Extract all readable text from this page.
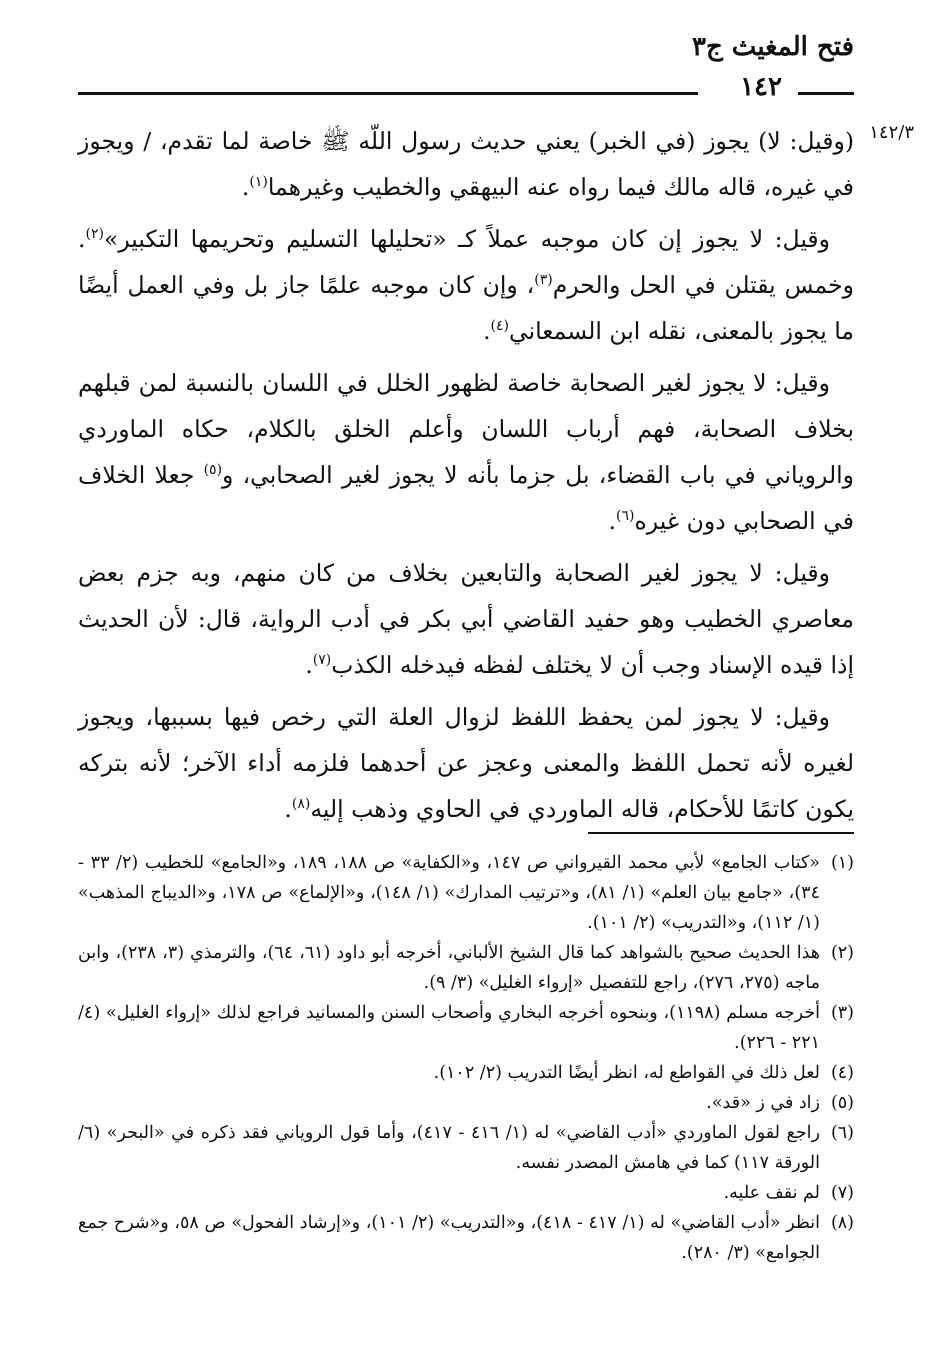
فتح المغيث ج٣
١٤٢
١٤٢/٣

(وقيل: لا) يجوز (في الخبر) يعني حديث رسول اللّه ﷺ خاصة لما تقدم، / ويجوز في غيره، قاله مالك فيما رواه عنه البيهقي والخطيب وغيرهما$^{(١)}$.

وقيل: لا يجوز إن كان موجبه عملاً كـ «تحليلها التسليم وتحريمها التكبير»$^{(٢)}$. وخمس يقتلن في الحل والحرم$^{(٣)}$، وإن كان موجبه علمًا جاز بل وفي العمل أيضًا ما يجوز بالمعنى، نقله ابن السمعاني$^{(٤)}$.

وقيل: لا يجوز لغير الصحابة خاصة لظهور الخلل في اللسان بالنسبة لمن قبلهم بخلاف الصحابة، فهم أرباب اللسان وأعلم الخلق بالكلام، حكاه الماوردي والروياني في باب القضاء، بل جزما بأنه لا يجوز لغير الصحابي، و$^{(٥)}$ جعلا الخلاف في الصحابي دون غيره$^{(٦)}$.

وقيل: لا يجوز لغير الصحابة والتابعين بخلاف من كان منهم، وبه جزم بعض معاصري الخطيب وهو حفيد القاضي أبي بكر في أدب الرواية، قال: لأن الحديث إذا قيده الإسناد وجب أن لا يختلف لفظه فيدخله الكذب$^{(٧)}$.

وقيل: لا يجوز لمن يحفظ اللفظ لزوال العلة التي رخص فيها بسببها، ويجوز لغيره لأنه تحمل اللفظ والمعنى وعجز عن أحدهما فلزمه أداء الآخر؛ لأنه بتركه يكون كاتمًا للأحكام، قاله الماوردي في الحاوي وذهب إليه$^{(٨)}$.

(١)
«كتاب الجامع» لأبي محمد القيرواني ص ١٤٧، و«الكفاية» ص ١٨٨، ١٨٩، و«الجامع» للخطيب (٢/ ٣٣ - ٣٤)، «جامع بيان العلم» (١/ ٨١)، و«ترتيب المدارك» (١/ ١٤٨)، و«الإلماع» ص ١٧٨، و«الديباج المذهب» (١/ ١١٢)، و«التدريب» (٢/ ١٠١).
(٢)
هذا الحديث صحيح بالشواهد كما قال الشيخ الألباني، أخرجه أبو داود (٦١، ٦٤)، والترمذي (٣، ٢٣٨)، وابن ماجه (٢٧٥، ٢٧٦)، راجع للتفصيل «إرواء الغليل» (٣/ ٩).
(٣)
أخرجه مسلم (١١٩٨)، وبنحوه أخرجه البخاري وأصحاب السنن والمسانيد فراجع لذلك «إرواء الغليل» (٤/ ٢٢١ - ٢٢٦).
(٤)
لعل ذلك في القواطع له، انظر أيضًا التدريب (٢/ ١٠٢).
(٥)
زاد في ز «قد».
(٦)
راجع لقول الماوردي «أدب القاضي» له (١/ ٤١٦ - ٤١٧)، وأما قول الروياني فقد ذكره في «البحر» (٦/ الورقة ١١٧) كما في هامش المصدر نفسه.
(٧)
لم نقف عليه.
(٨)
انظر «أدب القاضي» له (١/ ٤١٧ - ٤١٨)، و«التدريب» (٢/ ١٠١)، و«إرشاد الفحول» ص ٥٨، و«شرح جمع الجوامع» (٣/ ٢٨٠).
